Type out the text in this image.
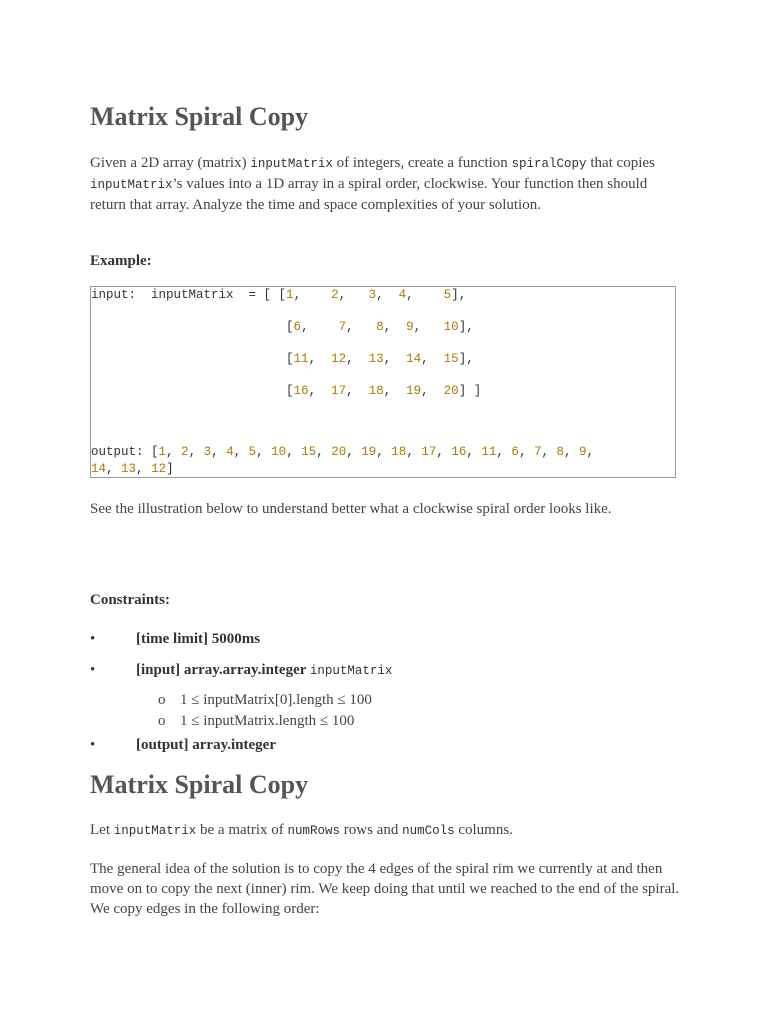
Matrix Spiral Copy
Given a 2D array (matrix) inputMatrix of integers, create a function spiralCopy that copies inputMatrix’s values into a 1D array in a spiral order, clockwise. Your function then should return that array. Analyze the time and space complexities of your solution.
Example:
input:  inputMatrix  = [ [1,    2,   3,  4,    5],
[6,    7,   8,  9,   10],
[11,  12,  13,  14,  15],
[16,  17,  18,  19,  20] ]
output: [1, 2, 3, 4, 5, 10, 15, 20, 19, 18, 17, 16, 11, 6, 7, 8, 9,
14, 13, 12]
See the illustration below to understand better what a clockwise spiral order looks like.
Constraints:
•	[time limit] 5000ms
•	[input] array.array.integer inputMatrix
o 1 ≤ inputMatrix[0].length ≤ 100
o 1 ≤ inputMatrix.length ≤ 100
•	[output] array.integer
Matrix Spiral Copy
Let inputMatrix be a matrix of numRows rows and numCols columns.
The general idea of the solution is to copy the 4 edges of the spiral rim we currently at and then move on to copy the next (inner) rim. We keep doing that until we reached to the end of the spiral. We copy edges in the following order:
